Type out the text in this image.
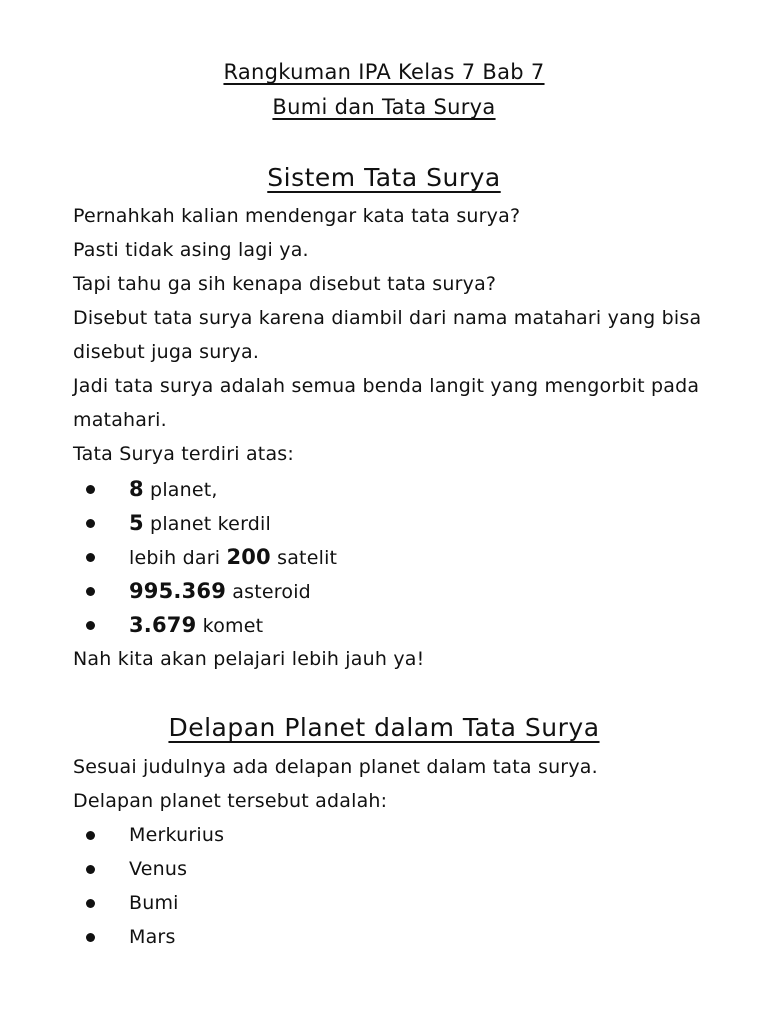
Rangkuman IPA Kelas 7 Bab 7
Bumi dan Tata Surya
Sistem Tata Surya

Pernahkah kalian mendengar kata tata surya?

Pasti tidak asing lagi ya.

Tapi tahu ga sih kenapa disebut tata surya?

Disebut tata surya karena diambil dari nama matahari yang bisa disebut juga surya.

Jadi tata surya adalah semua benda langit yang mengorbit pada matahari.

Tata Surya terdiri atas:

8 planet,
5 planet kerdil
lebih dari 200 satelit
995.369 asteroid
3.679 komet

Nah kita akan pelajari lebih jauh ya!

Delapan Planet dalam Tata Surya

Sesuai judulnya ada delapan planet dalam tata surya.

Delapan planet tersebut adalah:

Merkurius
Venus
Bumi
Mars
